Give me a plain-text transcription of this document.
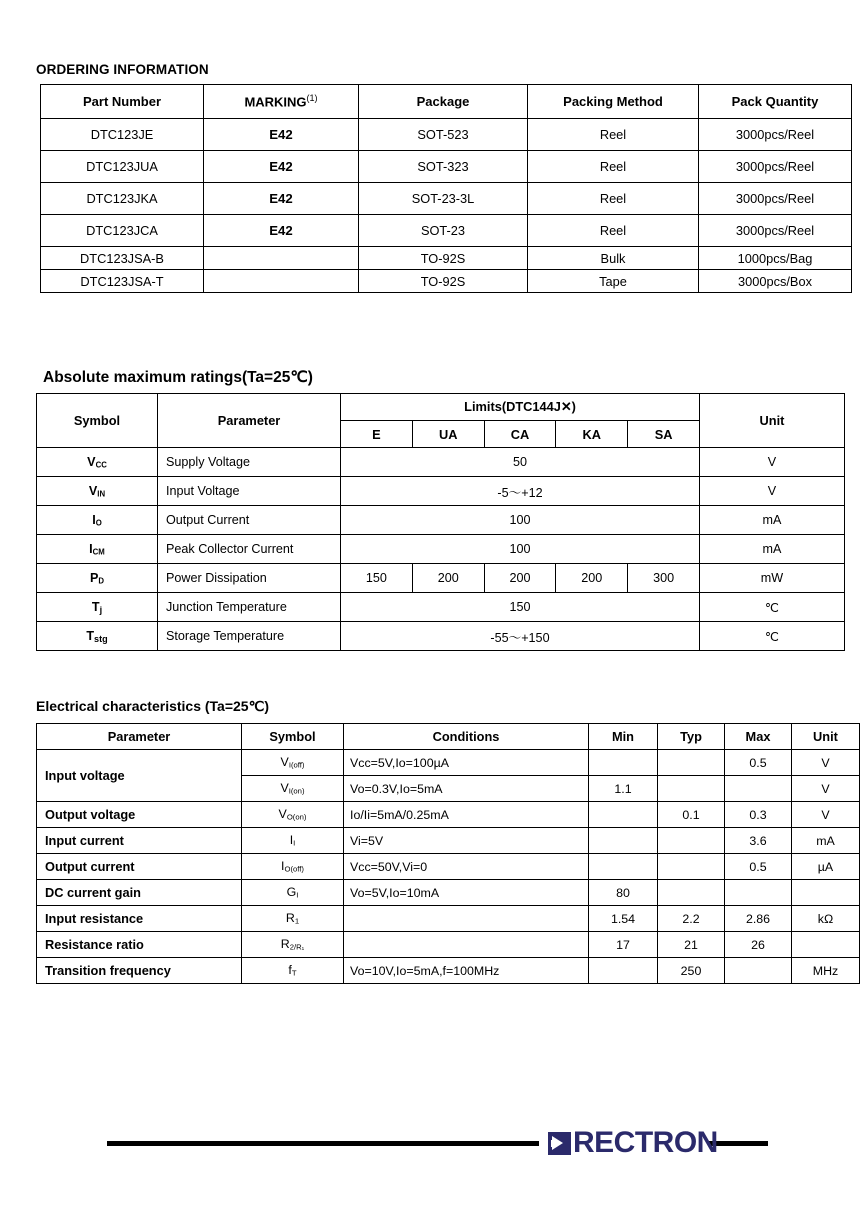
ORDERING INFORMATION
Part Number	MARKING$^{(1)}$	Package	Packing Method	Pack Quantity
DTC123JE	E42	SOT-523	Reel	3000pcs/Reel
DTC123JUA	E42	SOT-323	Reel	3000pcs/Reel
DTC123JKA	E42	SOT-23-3L	Reel	3000pcs/Reel
DTC123JCA	E42	SOT-23	Reel	3000pcs/Reel
DTC123JSA-B		TO-92S	Bulk	1000pcs/Bag
DTC123JSA-T		TO-92S	Tape	3000pcs/Box
Absolute maximum ratings(Ta=25℃)
Symbol	Parameter	Limits(DTC144J✕)					Unit
		E	UA	CA	KA	SA	
VCC	Supply Voltage	50					V
VIN	Input Voltage	-5～+12					V
IO	Output Current	100					mA
ICM	Peak Collector Current	100					mA
PD	Power Dissipation	150	200	200	200	300	mW
Tj	Junction Temperature	150					℃
Tstg	Storage Temperature	-55～+150					℃
Electrical characteristics (Ta=25℃)
Parameter	Symbol	Conditions	Min	Typ	Max	Unit
Input voltage	VI(off)	Vcc=5V,Io=100µA			0.5	V
	VI(on)	Vo=0.3V,Io=5mA	1.1			V
Output voltage	VO(on)	Io/Ii=5mA/0.25mA		0.1	0.3	V
Input current	II	Vi=5V			3.6	mA
Output current	IO(off)	Vcc=50V,Vi=0			0.5	µA
DC current gain	GI	Vo=5V,Io=10mA	80			
Input resistance	R1		1.54	2.2	2.86	kΩ
Resistance ratio	R2/R₁		17	21	26	
Transition frequency	fT	Vo=10V,Io=5mA,f=100MHz		250		MHz
RECTRON
